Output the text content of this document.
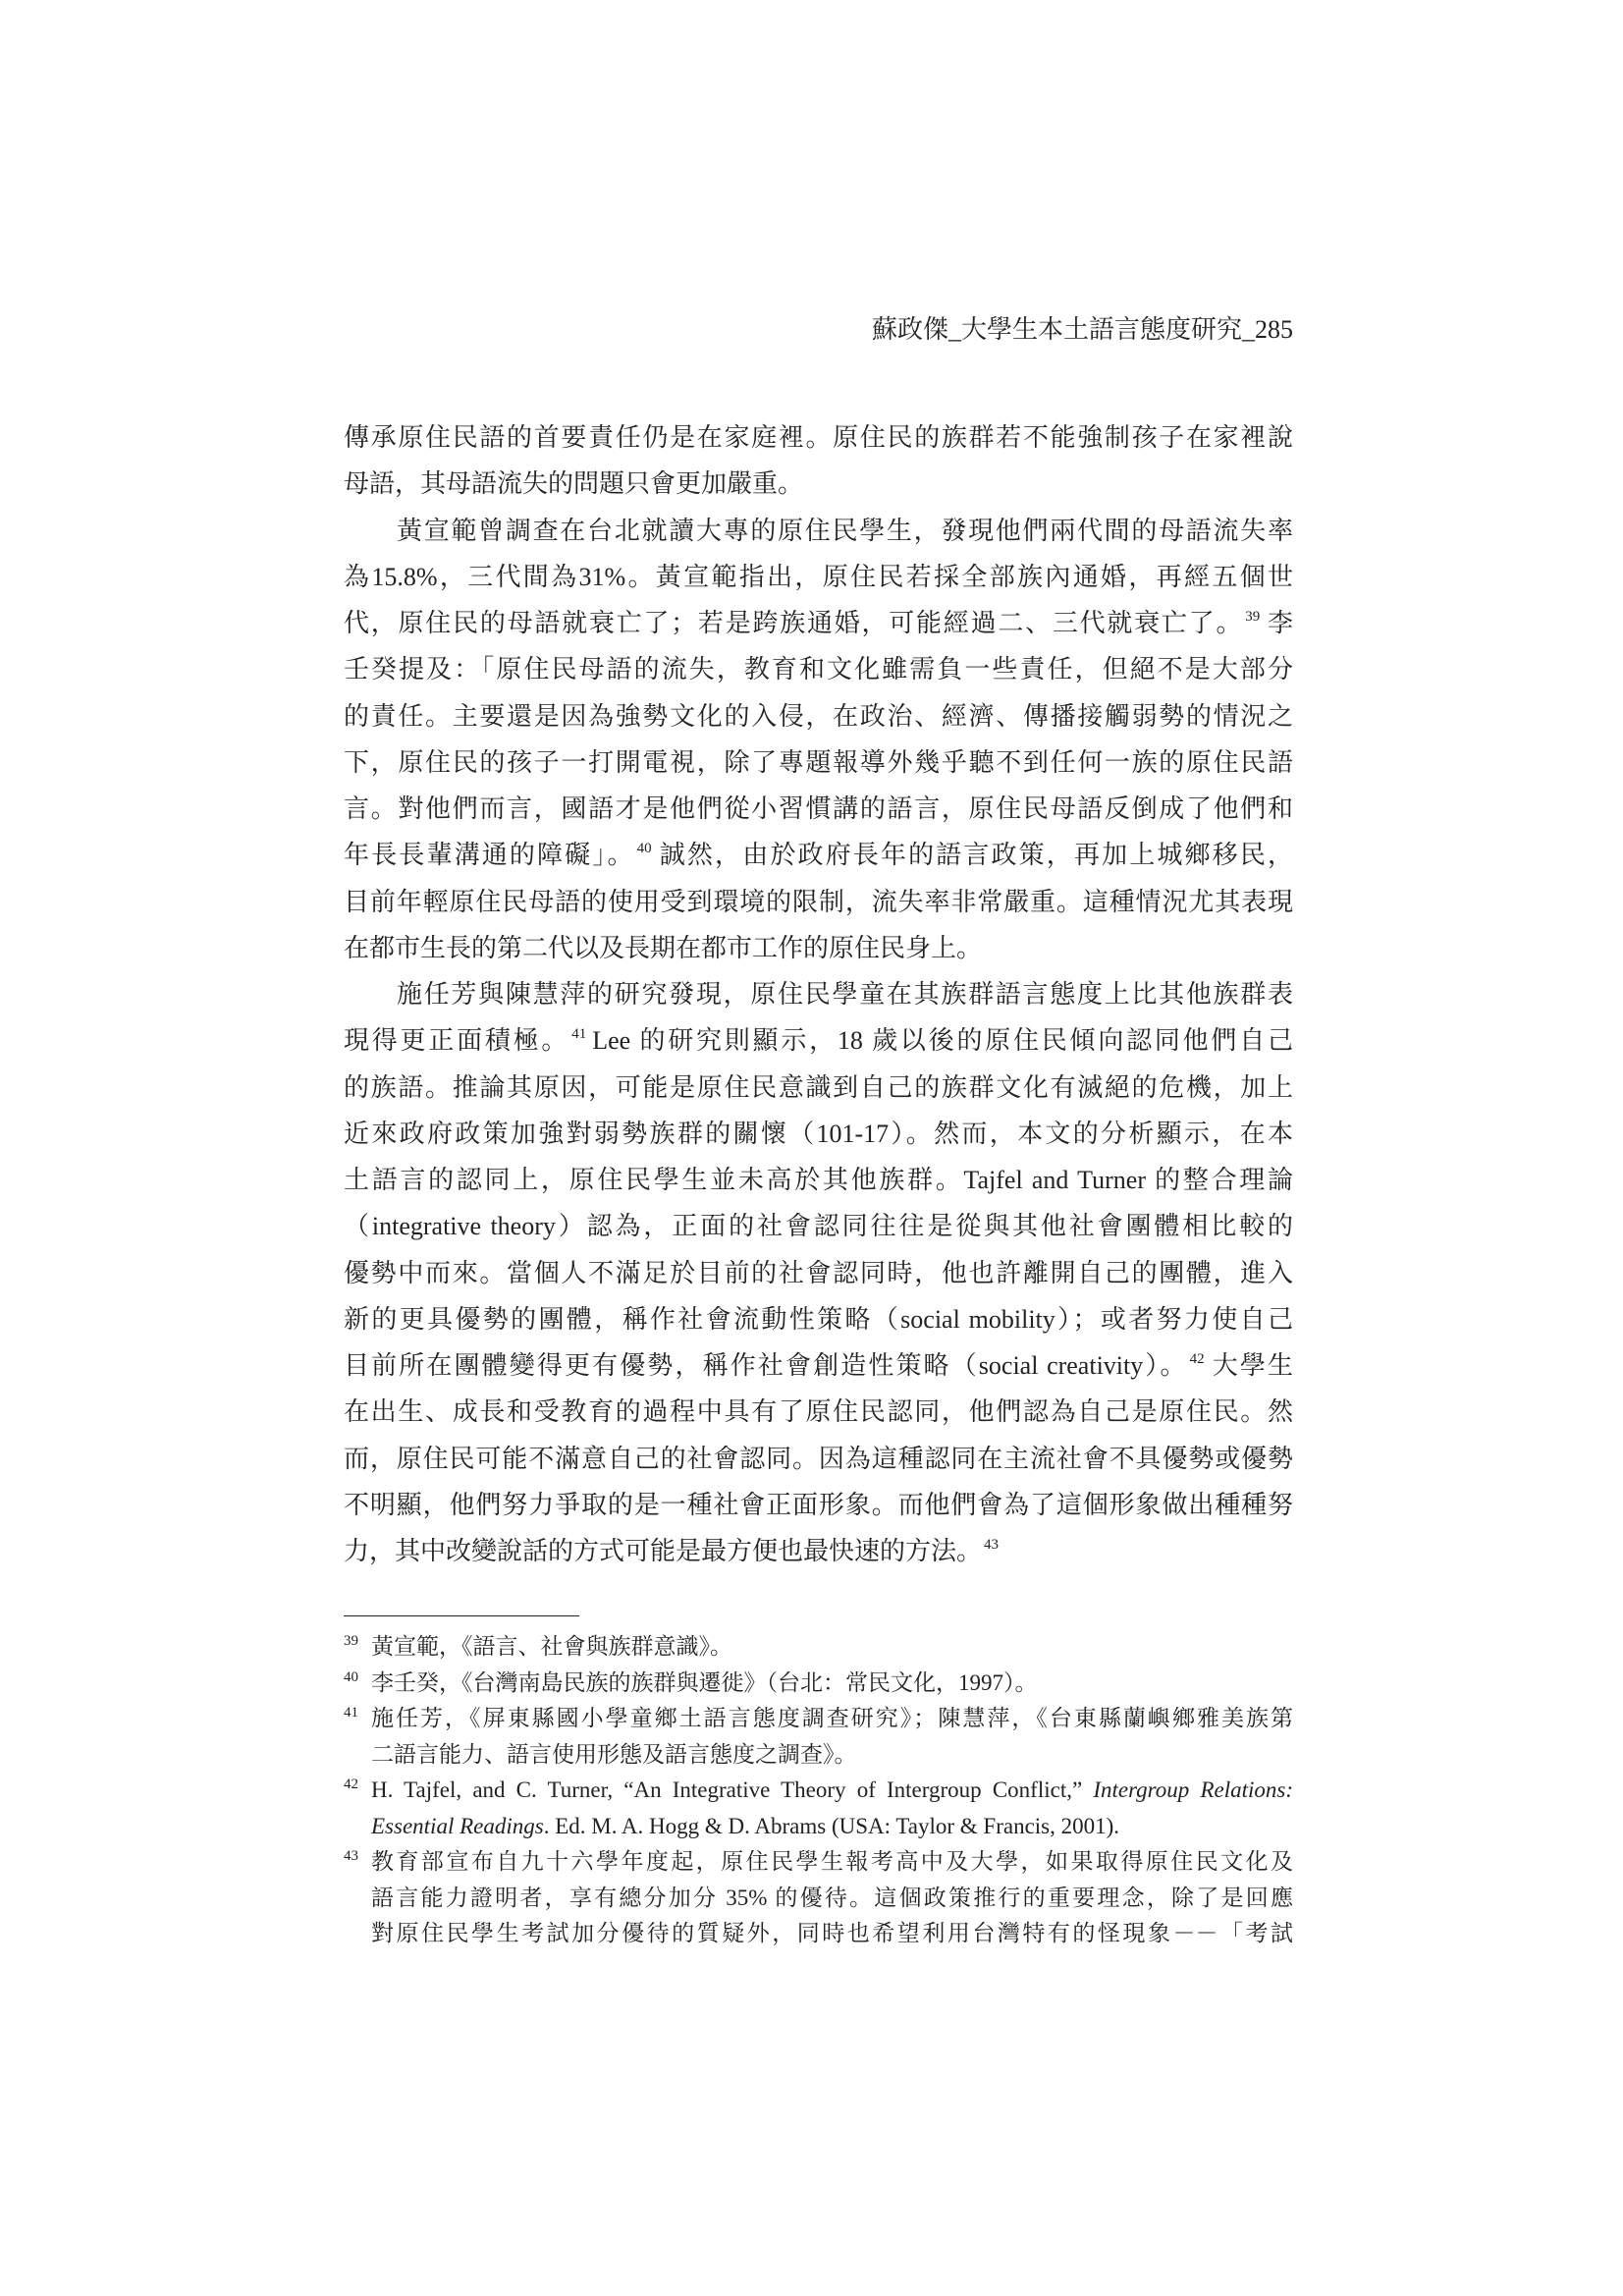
蘇政傑_大學生本土語言態度研究_285
傳承原住民語的首要責任仍是在家庭裡。原住民的族群若不能強制孩子在家裡說
母語，其母語流失的問題只會更加嚴重。
黃宣範曾調查在台北就讀大專的原住民學生，發現他們兩代間的母語流失率
為15.8%，三代間為31%。黃宣範指出，原住民若採全部族內通婚，再經五個世
代，原住民的母語就衰亡了；若是跨族通婚，可能經過二、三代就衰亡了。 $^{39}$ 李
壬癸提及：「原住民母語的流失，教育和文化雖需負一些責任，但絕不是大部分
的責任。主要還是因為強勢文化的入侵，在政治、經濟、傳播接觸弱勢的情況之
下，原住民的孩子一打開電視，除了專題報導外幾乎聽不到任何一族的原住民語
言。對他們而言，國語才是他們從小習慣講的語言，原住民母語反倒成了他們和
年長長輩溝通的障礙」。 $^{40}$ 誠然，由於政府長年的語言政策，再加上城鄉移民，
目前年輕原住民母語的使用受到環境的限制，流失率非常嚴重。這種情況尤其表現
在都市生長的第二代以及長期在都市工作的原住民身上。
施任芳與陳慧萍的研究發現，原住民學童在其族群語言態度上比其他族群表
現得更正面積極。 $^{41}$ Lee 的研究則顯示，18 歲以後的原住民傾向認同他們自己
的族語。推論其原因，可能是原住民意識到自己的族群文化有滅絕的危機，加上
近來政府政策加強對弱勢族群的關懷（101-17）。然而，本文的分析顯示，在本
土語言的認同上，原住民學生並未高於其他族群。Tajfel and Turner 的整合理論
（integrative theory）認為，正面的社會認同往往是從與其他社會團體相比較的
優勢中而來。當個人不滿足於目前的社會認同時，他也許離開自己的團體，進入
新的更具優勢的團體，稱作社會流動性策略（social mobility）；或者努力使自己
目前所在團體變得更有優勢，稱作社會創造性策略（social creativity）。 $^{42}$ 大學生
在出生、成長和受教育的過程中具有了原住民認同，他們認為自己是原住民。然
而，原住民可能不滿意自己的社會認同。因為這種認同在主流社會不具優勢或優勢
不明顯，他們努力爭取的是一種社會正面形象。而他們會為了這個形象做出種種努
力，其中改變說話的方式可能是最方便也最快速的方法。 $^{43}$
39 黃宣範，《語言、社會與族群意識》。
40 李壬癸，《台灣南島民族的族群與遷徙》（台北：常民文化，1997）。
41 施任芳，《屏東縣國小學童鄉土語言態度調查研究》；陳慧萍，《台東縣蘭嶼鄉雅美族第
二語言能力、語言使用形態及語言態度之調查》。
42 H. Tajfel, and C. Turner, “An Integrative Theory of Intergroup Conflict,” Intergroup Relations:
Essential Readings. Ed. M. A. Hogg & D. Abrams (USA: Taylor & Francis, 2001).
43 教育部宣布自九十六學年度起，原住民學生報考高中及大學，如果取得原住民文化及
語言能力證明者，享有總分加分 35% 的優待。這個政策推行的重要理念，除了是回應
對原住民學生考試加分優待的質疑外，同時也希望利用台灣特有的怪現象－－「考試
